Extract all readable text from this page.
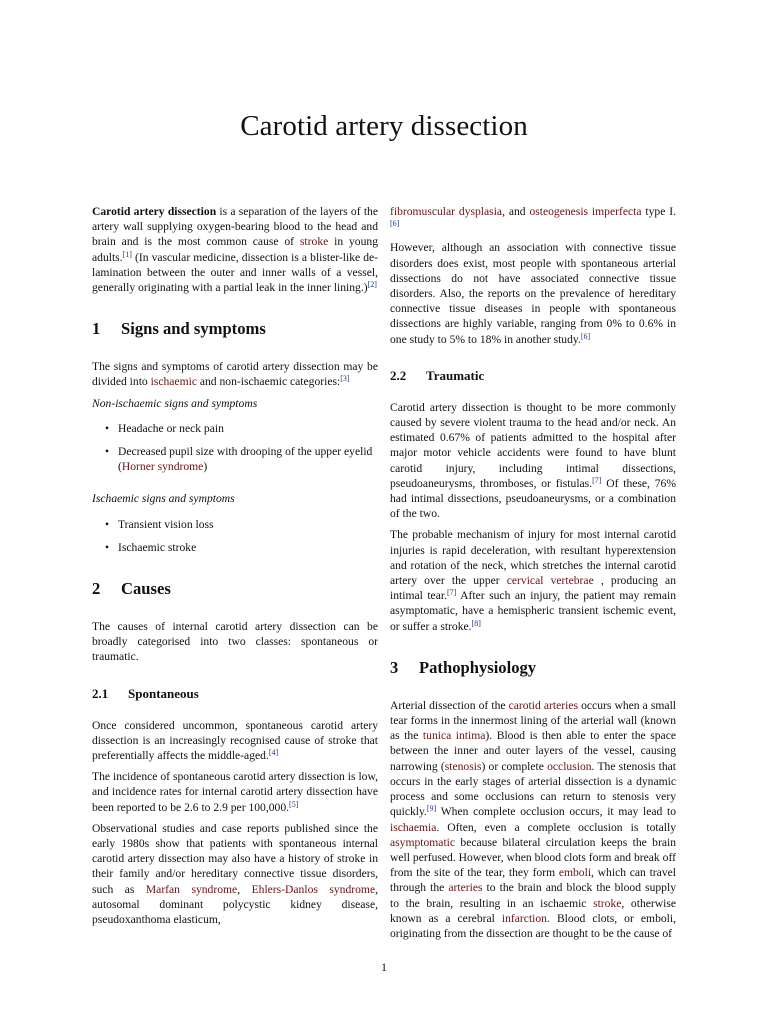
Carotid artery dissection

Carotid artery dissection is a separation of the layers of the artery wall supplying oxygen-bearing blood to the head and brain and is the most common cause of stroke in young adults.[1] (In vascular medicine, dissection is a blister-like de-lamination between the outer and inner walls of a vessel, generally originating with a partial leak in the inner lining.)[2]

1 Signs and symptoms

The signs and symptoms of carotid artery dissection may be divided into ischaemic and non-ischaemic categories:[3]

Non-ischaemic signs and symptoms
• Headache or neck pain
• Decreased pupil size with drooping of the upper eyelid (Horner syndrome)
Ischaemic signs and symptoms
• Transient vision loss
• Ischaemic stroke
2 Causes

The causes of internal carotid artery dissection can be broadly categorised into two classes: spontaneous or traumatic.

2.1 Spontaneous

Once considered uncommon, spontaneous carotid artery dissection is an increasingly recognised cause of stroke that preferentially affects the middle-aged.[4]

The incidence of spontaneous carotid artery dissection is low, and incidence rates for internal carotid artery dissection have been reported to be 2.6 to 2.9 per 100,000.[5]

Observational studies and case reports published since the early 1980s show that patients with spontaneous internal carotid artery dissection may also have a history of stroke in their family and/or hereditary connective tissue disorders, such as Marfan syndrome, Ehlers-Danlos syndrome, autosomal dominant polycystic kidney disease, pseudoxanthoma elasticum,

fibromuscular dysplasia, and osteogenesis imperfecta type I.[6]

However, although an association with connective tissue disorders does exist, most people with spontaneous arterial dissections do not have associated connective tissue disorders. Also, the reports on the prevalence of hereditary connective tissue diseases in people with spontaneous dissections are highly variable, ranging from 0% to 0.6% in one study to 5% to 18% in another study.[6]

2.2 Traumatic

Carotid artery dissection is thought to be more commonly caused by severe violent trauma to the head and/or neck. An estimated 0.67% of patients admitted to the hospital after major motor vehicle accidents were found to have blunt carotid injury, including intimal dissections, pseudoaneurysms, thromboses, or fistulas.[7] Of these, 76% had intimal dissections, pseudoaneurysms, or a combination of the two.

The probable mechanism of injury for most internal carotid injuries is rapid deceleration, with resultant hyperextension and rotation of the neck, which stretches the internal carotid artery over the upper cervical vertebrae , producing an intimal tear.[7] After such an injury, the patient may remain asymptomatic, have a hemispheric transient ischemic event, or suffer a stroke.[8]

3 Pathophysiology

Arterial dissection of the carotid arteries occurs when a small tear forms in the innermost lining of the arterial wall (known as the tunica intima). Blood is then able to enter the space between the inner and outer layers of the vessel, causing narrowing (stenosis) or complete occlusion. The stenosis that occurs in the early stages of arterial dissection is a dynamic process and some occlusions can return to stenosis very quickly.[9] When complete occlusion occurs, it may lead to ischaemia. Often, even a complete occlusion is totally asymptomatic because bilateral circulation keeps the brain well perfused. However, when blood clots form and break off from the site of the tear, they form emboli, which can travel through the arteries to the brain and block the blood supply to the brain, resulting in an ischaemic stroke, otherwise known as a cerebral infarction. Blood clots, or emboli, originating from the dissection are thought to be the cause of

1
